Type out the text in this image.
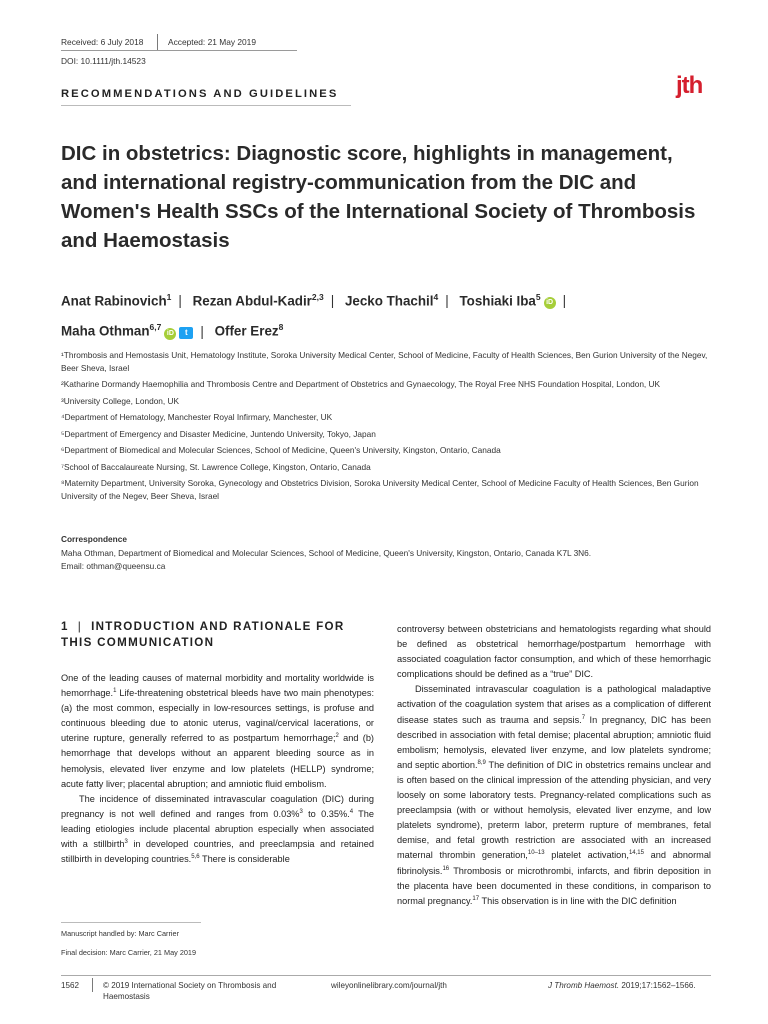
Received: 6 July 2018	Accepted: 21 May 2019
DOI: 10.1111/jth.14523
RECOMMENDATIONS AND GUIDELINES	jth
DIC in obstetrics: Diagnostic score, highlights in management, and international registry-communication from the DIC and Women's Health SSCs of the International Society of Thrombosis and Haemostasis
Anat Rabinovich$^1$ | Rezan Abdul-Kadir$^{2,3}$ | Jecko Thachil$^4$ | Toshiaki Iba$^5$iD |
Maha Othman$^{6,7}$iD t | Offer Erez$^8$
¹Thrombosis and Hemostasis Unit, Hematology Institute, Soroka University Medical Center, School of Medicine, Faculty of Health Sciences, Ben Gurion University of the Negev, Beer Sheva, Israel
²Katharine Dormandy Haemophilia and Thrombosis Centre and Department of Obstetrics and Gynaecology, The Royal Free NHS Foundation Hospital, London, UK
³University College, London, UK
⁴Department of Hematology, Manchester Royal Infirmary, Manchester, UK
⁵Department of Emergency and Disaster Medicine, Juntendo University, Tokyo, Japan
⁶Department of Biomedical and Molecular Sciences, School of Medicine, Queen's University, Kingston, Ontario, Canada
⁷School of Baccalaureate Nursing, St. Lawrence College, Kingston, Ontario, Canada
⁸Maternity Department, University Soroka, Gynecology and Obstetrics Division, Soroka University Medical Center, School of Medicine Faculty of Health Sciences, Ben Gurion University of the Negev, Beer Sheva, Israel
Correspondence
Maha Othman, Department of Biomedical and Molecular Sciences, School of Medicine, Queen's University, Kingston, Ontario, Canada K7L 3N6.
Email: othman@queensu.ca
1 | INTRODUCTION AND RATIONALE FOR THIS COMMUNICATION

One of the leading causes of maternal morbidity and mortality worldwide is hemorrhage.$^1$ Life‐threatening obstetrical bleeds have two main phenotypes: (a) the most common, especially in low‐resources settings, is profuse and continuous bleeding due to atonic uterus, vaginal/cervical lacerations, or uterine rupture, generally referred to as postpartum hemorrhage;$^2$ and (b) hemorrhage that develops without an apparent bleeding source as in hemolysis, elevated liver enzyme and low platelets (HELLP) syndrome; acute fatty liver; placental abruption; and amniotic fluid embolism.

The incidence of disseminated intravascular coagulation (DIC) during pregnancy is not well defined and ranges from 0.03%$^3$ to 0.35%.$^4$ The leading etiologies include placental abruption especially when associated with a stillbirth$^3$ in developed countries, and preeclampsia and retained stillbirth in developing countries.$^{5,6}$ There is considerable

Manuscript handled by: Marc Carrier
Final decision: Marc Carrier, 21 May 2019

controversy between obstetricians and hematologists regarding what should be defined as obstetrical hemorrhage/postpartum hemorrhage with associated coagulation factor consumption, and which of these hemorrhagic complications should be defined as a “true” DIC.

Disseminated intravascular coagulation is a pathological maladaptive activation of the coagulation system that arises as a complication of different disease states such as trauma and sepsis.$^7$ In pregnancy, DIC has been described in association with fetal demise; placental abruption; amniotic fluid embolism; hemolysis, elevated liver enzyme, and low platelets syndrome; and septic abortion.$^{8,9}$ The definition of DIC in obstetrics remains unclear and is often based on the clinical impression of the attending physician, and very loosely on some laboratory tests. Pregnancy‐related complications such as preeclampsia (with or without hemolysis, elevated liver enzyme, and low platelets syndrome), preterm labor, preterm rupture of membranes, fetal demise, and fetal growth restriction are associated with an increased maternal thrombin generation,$^{10-13}$ platelet activation,$^{14,15}$ and abnormal fibrinolysis.$^{16}$ Thrombosis or microthrombi, infarcts, and fibrin deposition in the placenta have been documented in these conditions, in comparison to normal pregnancy.$^{17}$ This observation is in line with the DIC definition

1562	© 2019 International Society on Thrombosis and Haemostasis
wileyonlinelibrary.com/journal/jth	J Thromb Haemost. 2019;17:1562–1566.
